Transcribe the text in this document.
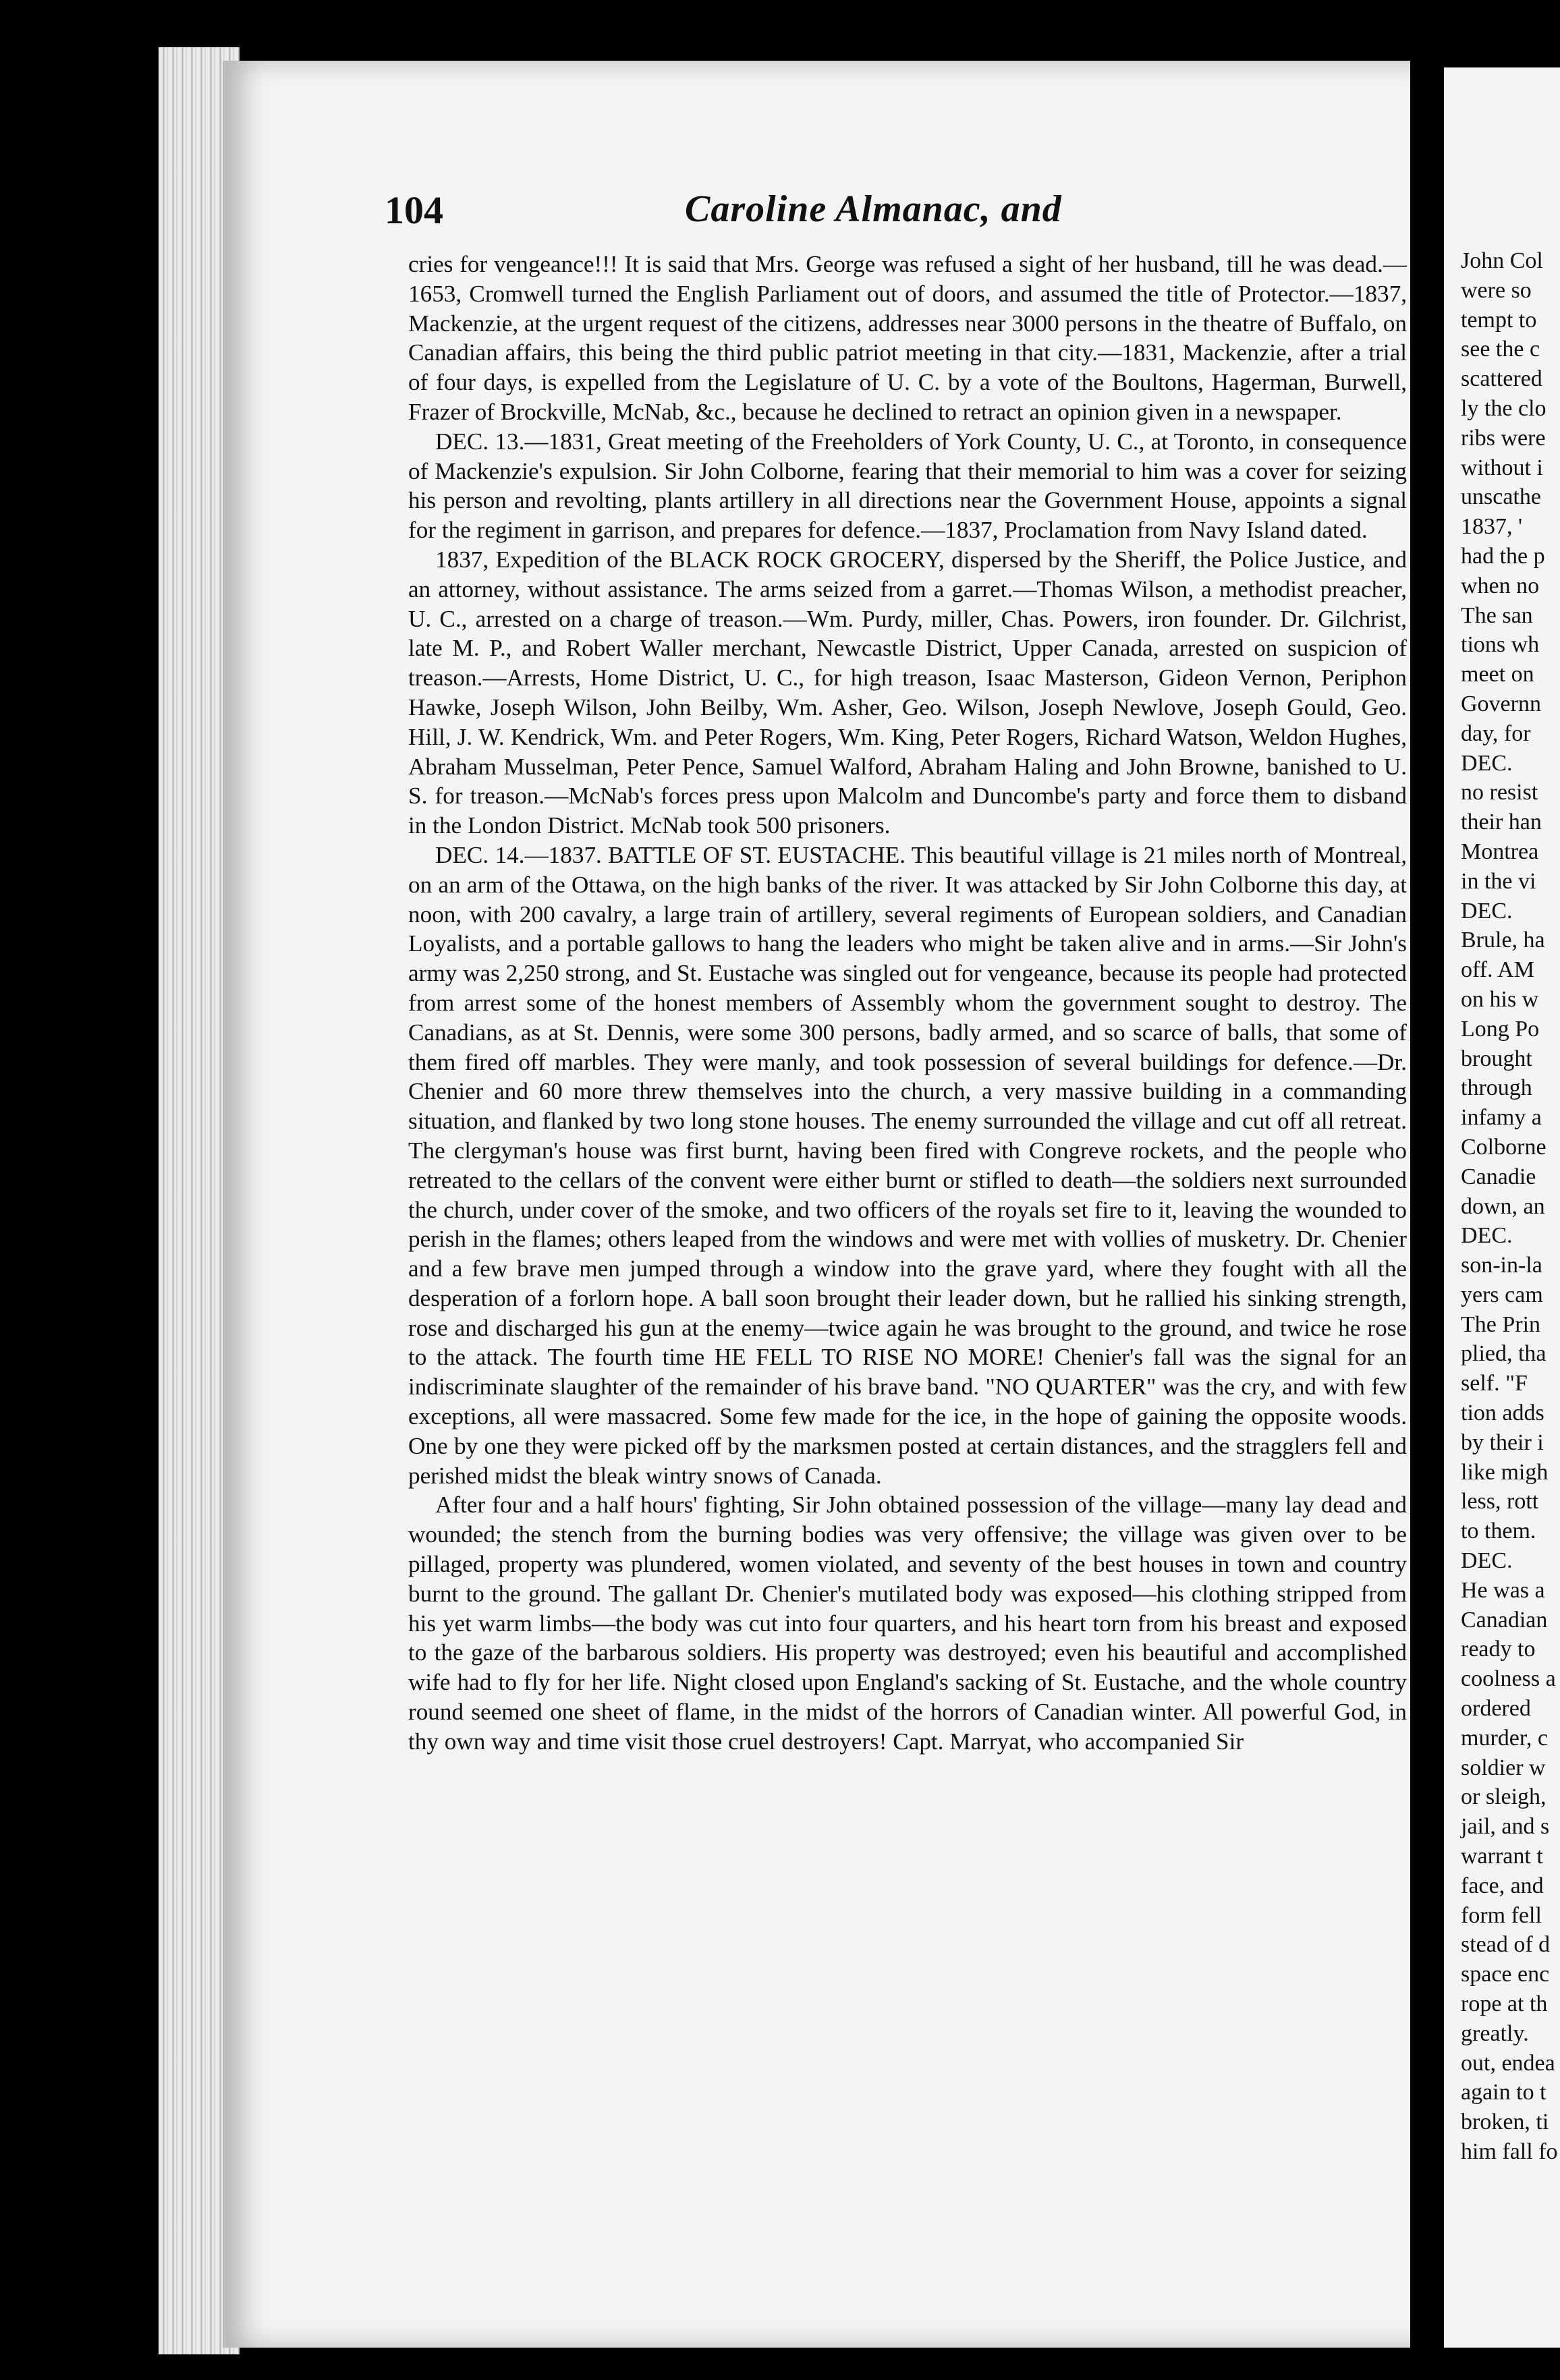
104	Caroline Almanac, and

cries for vengeance!!! It is said that Mrs. George was refused a sight of her husband, till he was dead.—1653, Cromwell turned the English Parliament out of doors, and assumed the title of Protector.—1837, Mackenzie, at the urgent request of the citizens, addresses near 3000 persons in the theatre of Buffalo, on Canadian affairs, this being the third public patriot meeting in that city.—1831, Mackenzie, after a trial of four days, is expelled from the Legislature of U. C. by a vote of the Boultons, Hagerman, Burwell, Frazer of Brockville, McNab, &c., because he declined to retract an opinion given in a newspaper.

DEC. 13.—1831, Great meeting of the Freeholders of York County, U. C., at Toronto, in consequence of Mackenzie's expulsion. Sir John Colborne, fearing that their memorial to him was a cover for seizing his person and revolting, plants artillery in all directions near the Government House, appoints a signal for the regiment in garrison, and prepares for defence.—1837, Proclamation from Navy Island dated.

1837, Expedition of the BLACK ROCK GROCERY, dispersed by the Sheriff, the Police Justice, and an attorney, without assistance. The arms seized from a garret.—Thomas Wilson, a methodist preacher, U. C., arrested on a charge of treason.—Wm. Purdy, miller, Chas. Powers, iron founder. Dr. Gilchrist, late M. P., and Robert Waller merchant, Newcastle District, Upper Canada, arrested on suspicion of treason.—Arrests, Home District, U. C., for high treason, Isaac Masterson, Gideon Vernon, Periphon Hawke, Joseph Wilson, John Beilby, Wm. Asher, Geo. Wilson, Joseph Newlove, Joseph Gould, Geo. Hill, J. W. Kendrick, Wm. and Peter Rogers, Wm. King, Peter Rogers, Richard Watson, Weldon Hughes, Abraham Musselman, Peter Pence, Samuel Walford, Abraham Haling and John Browne, banished to U. S. for treason.—McNab's forces press upon Malcolm and Duncombe's party and force them to disband in the London District. McNab took 500 prisoners.

DEC. 14.—1837. BATTLE OF ST. EUSTACHE. This beautiful village is 21 miles north of Montreal, on an arm of the Ottawa, on the high banks of the river. It was attacked by Sir John Colborne this day, at noon, with 200 cavalry, a large train of artillery, several regiments of European soldiers, and Canadian Loyalists, and a portable gallows to hang the leaders who might be taken alive and in arms.—Sir John's army was 2,250 strong, and St. Eustache was singled out for vengeance, because its people had protected from arrest some of the honest members of Assembly whom the government sought to destroy. The Canadians, as at St. Dennis, were some 300 persons, badly armed, and so scarce of balls, that some of them fired off marbles. They were manly, and took possession of several buildings for defence.—Dr. Chenier and 60 more threw themselves into the church, a very massive building in a commanding situation, and flanked by two long stone houses. The enemy surrounded the village and cut off all retreat. The clergyman's house was first burnt, having been fired with Congreve rockets, and the people who retreated to the cellars of the convent were either burnt or stifled to death—the soldiers next surrounded the church, under cover of the smoke, and two officers of the royals set fire to it, leaving the wounded to perish in the flames; others leaped from the windows and were met with vollies of musketry. Dr. Chenier and a few brave men jumped through a window into the grave yard, where they fought with all the desperation of a forlorn hope. A ball soon brought their leader down, but he rallied his sinking strength, rose and discharged his gun at the enemy—twice again he was brought to the ground, and twice he rose to the attack. The fourth time HE FELL TO RISE NO MORE! Chenier's fall was the signal for an indiscriminate slaughter of the remainder of his brave band. "NO QUARTER" was the cry, and with few exceptions, all were massacred. Some few made for the ice, in the hope of gaining the opposite woods. One by one they were picked off by the marksmen posted at certain distances, and the stragglers fell and perished midst the bleak wintry snows of Canada.

After four and a half hours' fighting, Sir John obtained possession of the village—many lay dead and wounded; the stench from the burning bodies was very offensive; the village was given over to be pillaged, property was plundered, women violated, and seventy of the best houses in town and country burnt to the ground. The gallant Dr. Chenier's mutilated body was exposed—his clothing stripped from his yet warm limbs—the body was cut into four quarters, and his heart torn from his breast and exposed to the gaze of the barbarous soldiers. His property was destroyed; even his beautiful and accomplished wife had to fly for her life. Night closed upon England's sacking of St. Eustache, and the whole country round seemed one sheet of flame, in the midst of the horrors of Canadian winter. All powerful God, in thy own way and time visit those cruel destroyers! Capt. Marryat, who accompanied Sir

John Col
were so
tempt to
see the c
scattered
ly the clo
ribs were
without i
unscathe
1837, '
had the p
when no
The san
tions wh
meet on
Governn
day, for
DEC.
no resist
their han
Montrea
in the vi
DEC.
Brule, ha
off. AM
on his w
Long Po
brought
through
infamy a
Colborne
Canadie
down, an
DEC.
son-in-la
yers cam
The Prin
plied, tha
self. "F
tion adds
by their i
like migh
less, rott
to them.
DEC.
He was a
Canadian
ready to
coolness a
ordered
murder, c
soldier w
or sleigh,
jail, and s
warrant t
face, and
form fell
stead of d
space enc
rope at th
greatly.
out, endea
again to t
broken, ti
him fall fo
